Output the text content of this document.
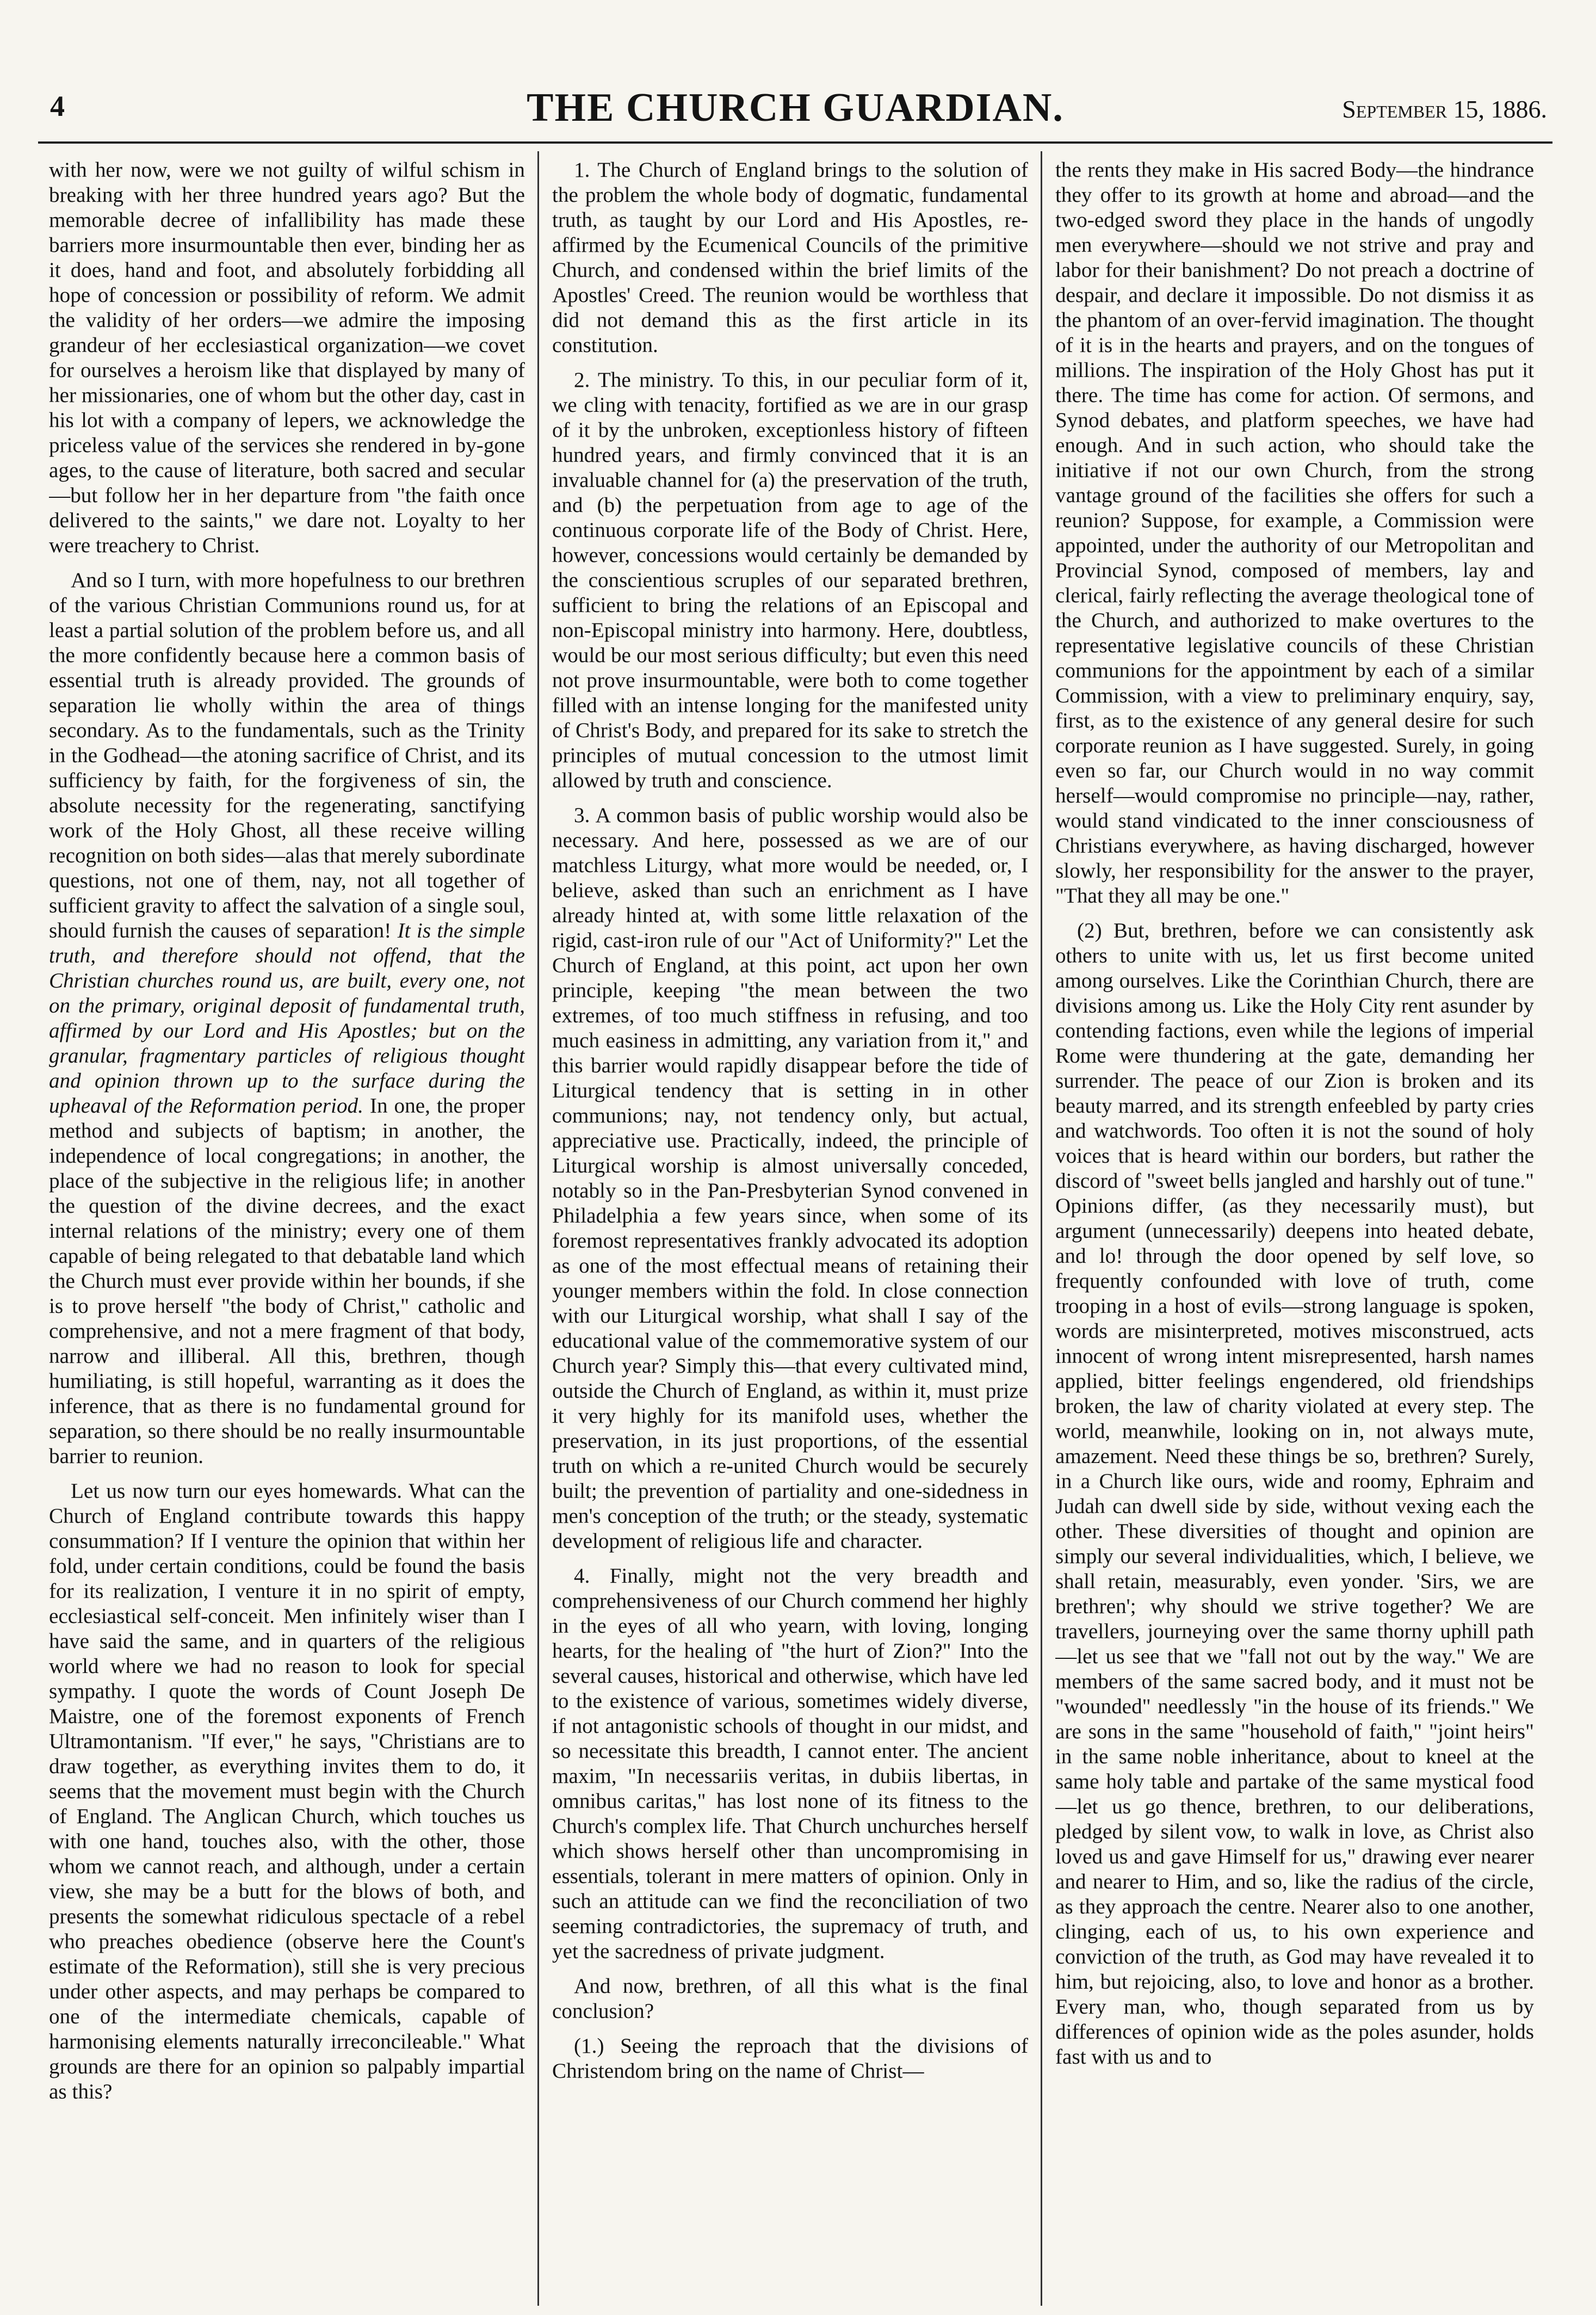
4	THE CHURCH GUARDIAN.	September 15, 1886.

with her now, were we not guilty of wilful schism in breaking with her three hundred years ago? But the memorable decree of infallibility has made these barriers more insurmountable then ever, binding her as it does, hand and foot, and absolutely forbidding all hope of concession or possibility of reform. We admit the validity of her orders—we admire the imposing grandeur of her ecclesiastical organization—we covet for ourselves a heroism like that displayed by many of her missionaries, one of whom but the other day, cast in his lot with a company of lepers, we acknowledge the priceless value of the services she rendered in by-gone ages, to the cause of literature, both sacred and secular—but follow her in her departure from "the faith once delivered to the saints," we dare not. Loyalty to her were treachery to Christ.

And so I turn, with more hopefulness to our brethren of the various Christian Communions round us, for at least a partial solution of the problem before us, and all the more confidently because here a common basis of essential truth is already provided. The grounds of separation lie wholly within the area of things secondary. As to the fundamentals, such as the Trinity in the Godhead—the atoning sacrifice of Christ, and its sufficiency by faith, for the forgiveness of sin, the absolute necessity for the regenerating, sanctifying work of the Holy Ghost, all these receive willing recognition on both sides—alas that merely subordinate questions, not one of them, nay, not all together of sufficient gravity to affect the salvation of a single soul, should furnish the causes of separation! It is the simple truth, and therefore should not offend, that the Christian churches round us, are built, every one, not on the primary, original deposit of fundamental truth, affirmed by our Lord and His Apostles; but on the granular, fragmentary particles of religious thought and opinion thrown up to the surface during the upheaval of the Reformation period. In one, the proper method and subjects of baptism; in another, the independence of local congregations; in another, the place of the subjective in the religious life; in another the question of the divine decrees, and the exact internal relations of the ministry; every one of them capable of being relegated to that debatable land which the Church must ever provide within her bounds, if she is to prove herself "the body of Christ," catholic and comprehensive, and not a mere fragment of that body, narrow and illiberal. All this, brethren, though humiliating, is still hopeful, warranting as it does the inference, that as there is no fundamental ground for separation, so there should be no really insurmountable barrier to reunion.

Let us now turn our eyes homewards. What can the Church of England contribute towards this happy consummation? If I venture the opinion that within her fold, under certain conditions, could be found the basis for its realization, I venture it in no spirit of empty, ecclesiastical self-conceit. Men infinitely wiser than I have said the same, and in quarters of the religious world where we had no reason to look for special sympathy. I quote the words of Count Joseph De Maistre, one of the foremost exponents of French Ultramontanism. "If ever," he says, "Christians are to draw together, as everything invites them to do, it seems that the movement must begin with the Church of England. The Anglican Church, which touches us with one hand, touches also, with the other, those whom we cannot reach, and although, under a certain view, she may be a butt for the blows of both, and presents the somewhat ridiculous spectacle of a rebel who preaches obedience (observe here the Count's estimate of the Reformation), still she is very precious under other aspects, and may perhaps be compared to one of the intermediate chemicals, capable of harmonising elements naturally irreconcileable." What grounds are there for an opinion so palpably impartial as this?

1. The Church of England brings to the solution of the problem the whole body of dogmatic, fundamental truth, as taught by our Lord and His Apostles, re-affirmed by the Ecumenical Councils of the primitive Church, and condensed within the brief limits of the Apostles' Creed. The reunion would be worthless that did not demand this as the first article in its constitution.

2. The ministry. To this, in our peculiar form of it, we cling with tenacity, fortified as we are in our grasp of it by the unbroken, exceptionless history of fifteen hundred years, and firmly convinced that it is an invaluable channel for (a) the preservation of the truth, and (b) the perpetuation from age to age of the continuous corporate life of the Body of Christ. Here, however, concessions would certainly be demanded by the conscientious scruples of our separated brethren, sufficient to bring the relations of an Episcopal and non-Episcopal ministry into harmony. Here, doubtless, would be our most serious difficulty; but even this need not prove insurmountable, were both to come together filled with an intense longing for the manifested unity of Christ's Body, and prepared for its sake to stretch the principles of mutual concession to the utmost limit allowed by truth and conscience.

3. A common basis of public worship would also be necessary. And here, possessed as we are of our matchless Liturgy, what more would be needed, or, I believe, asked than such an enrichment as I have already hinted at, with some little relaxation of the rigid, cast-iron rule of our "Act of Uniformity?" Let the Church of England, at this point, act upon her own principle, keeping "the mean between the two extremes, of too much stiffness in refusing, and too much easiness in admitting, any variation from it," and this barrier would rapidly disappear before the tide of Liturgical tendency that is setting in in other communions; nay, not tendency only, but actual, appreciative use. Practically, indeed, the principle of Liturgical worship is almost universally conceded, notably so in the Pan-Presbyterian Synod convened in Philadelphia a few years since, when some of its foremost representatives frankly advocated its adoption as one of the most effectual means of retaining their younger members within the fold. In close connection with our Liturgical worship, what shall I say of the educational value of the commemorative system of our Church year? Simply this—that every cultivated mind, outside the Church of England, as within it, must prize it very highly for its manifold uses, whether the preservation, in its just proportions, of the essential truth on which a re-united Church would be securely built; the prevention of partiality and one-sidedness in men's conception of the truth; or the steady, systematic development of religious life and character.

4. Finally, might not the very breadth and comprehensiveness of our Church commend her highly in the eyes of all who yearn, with loving, longing hearts, for the healing of "the hurt of Zion?" Into the several causes, historical and otherwise, which have led to the existence of various, sometimes widely diverse, if not antagonistic schools of thought in our midst, and so necessitate this breadth, I cannot enter. The ancient maxim, "In necessariis veritas, in dubiis libertas, in omnibus caritas," has lost none of its fitness to the Church's complex life. That Church unchurches herself which shows herself other than uncompromising in essentials, tolerant in mere matters of opinion. Only in such an attitude can we find the reconciliation of two seeming contradictories, the supremacy of truth, and yet the sacredness of private judgment.

And now, brethren, of all this what is the final conclusion?

(1.) Seeing the reproach that the divisions of Christendom bring on the name of Christ—

the rents they make in His sacred Body—the hindrance they offer to its growth at home and abroad—and the two-edged sword they place in the hands of ungodly men everywhere—should we not strive and pray and labor for their banishment? Do not preach a doctrine of despair, and declare it impossible. Do not dismiss it as the phantom of an over-fervid imagination. The thought of it is in the hearts and prayers, and on the tongues of millions. The inspiration of the Holy Ghost has put it there. The time has come for action. Of sermons, and Synod debates, and platform speeches, we have had enough. And in such action, who should take the initiative if not our own Church, from the strong vantage ground of the facilities she offers for such a reunion? Suppose, for example, a Commission were appointed, under the authority of our Metropolitan and Provincial Synod, composed of members, lay and clerical, fairly reflecting the average theological tone of the Church, and authorized to make overtures to the representative legislative councils of these Christian communions for the appointment by each of a similar Commission, with a view to preliminary enquiry, say, first, as to the existence of any general desire for such corporate reunion as I have suggested. Surely, in going even so far, our Church would in no way commit herself—would compromise no principle—nay, rather, would stand vindicated to the inner consciousness of Christians everywhere, as having discharged, however slowly, her responsibility for the answer to the prayer, "That they all may be one."

(2) But, brethren, before we can consistently ask others to unite with us, let us first become united among ourselves. Like the Corinthian Church, there are divisions among us. Like the Holy City rent asunder by contending factions, even while the legions of imperial Rome were thundering at the gate, demanding her surrender. The peace of our Zion is broken and its beauty marred, and its strength enfeebled by party cries and watchwords. Too often it is not the sound of holy voices that is heard within our borders, but rather the discord of "sweet bells jangled and harshly out of tune." Opinions differ, (as they necessarily must), but argument (unnecessarily) deepens into heated debate, and lo! through the door opened by self love, so frequently confounded with love of truth, come trooping in a host of evils—strong language is spoken, words are misinterpreted, motives misconstrued, acts innocent of wrong intent misrepresented, harsh names applied, bitter feelings engendered, old friendships broken, the law of charity violated at every step. The world, meanwhile, looking on in, not always mute, amazement. Need these things be so, brethren? Surely, in a Church like ours, wide and roomy, Ephraim and Judah can dwell side by side, without vexing each the other. These diversities of thought and opinion are simply our several individualities, which, I believe, we shall retain, measurably, even yonder. 'Sirs, we are brethren'; why should we strive together? We are travellers, journeying over the same thorny uphill path—let us see that we "fall not out by the way." We are members of the same sacred body, and it must not be "wounded" needlessly "in the house of its friends." We are sons in the same "household of faith," "joint heirs" in the same noble inheritance, about to kneel at the same holy table and partake of the same mystical food—let us go thence, brethren, to our deliberations, pledged by silent vow, to walk in love, as Christ also loved us and gave Himself for us," drawing ever nearer and nearer to Him, and so, like the radius of the circle, as they approach the centre. Nearer also to one another, clinging, each of us, to his own experience and conviction of the truth, as God may have revealed it to him, but rejoicing, also, to love and honor as a brother. Every man, who, though separated from us by differences of opinion wide as the poles asunder, holds fast with us and to
